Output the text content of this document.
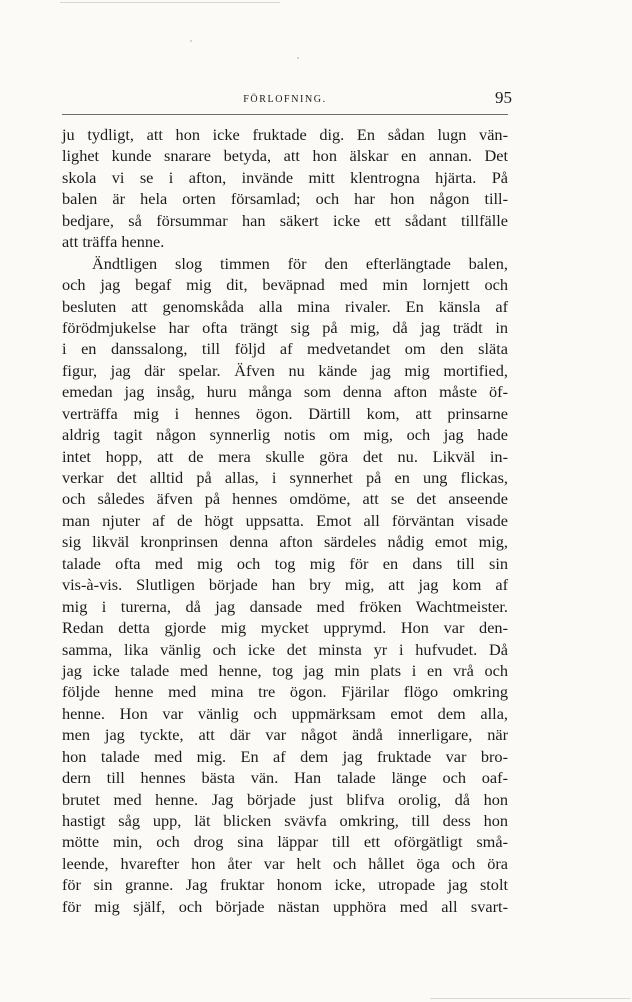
FÖRLOFNING.	95
ju tydligt, att hon icke fruktade dig. En sådan lugn vän-
lighet kunde snarare betyda, att hon älskar en annan. Det
skola vi se i afton, invände mitt klentrogna hjärta. På
balen är hela orten församlad; och har hon någon till-
bedjare, så försummar han säkert icke ett sådant tillfälle
att träffa henne.
Ändtligen slog timmen för den efterlängtade balen,
och jag begaf mig dit, beväpnad med min lornjett och
besluten att genomskåda alla mina rivaler. En känsla af
förödmjukelse har ofta trängt sig på mig, då jag trädt in
i en danssalong, till följd af medvetandet om den släta
figur, jag där spelar. Äfven nu kände jag mig mortified,
emedan jag insåg, huru många som denna afton måste öf-
verträffa mig i hennes ögon. Därtill kom, att prinsarne
aldrig tagit någon synnerlig notis om mig, och jag hade
intet hopp, att de mera skulle göra det nu. Likväl in-
verkar det alltid på allas, i synnerhet på en ung flickas,
och således äfven på hennes omdöme, att se det anseende
man njuter af de högt uppsatta. Emot all förväntan visade
sig likväl kronprinsen denna afton särdeles nådig emot mig,
talade ofta med mig och tog mig för en dans till sin
vis-à-vis. Slutligen började han bry mig, att jag kom af
mig i turerna, då jag dansade med fröken Wachtmeister.
Redan detta gjorde mig mycket upprymd. Hon var den-
samma, lika vänlig och icke det minsta yr i hufvudet. Då
jag icke talade med henne, tog jag min plats i en vrå och
följde henne med mina tre ögon. Fjärilar flögo omkring
henne. Hon var vänlig och uppmärksam emot dem alla,
men jag tyckte, att där var något ändå innerligare, när
hon talade med mig. En af dem jag fruktade var bro-
dern till hennes bästa vän. Han talade länge och oaf-
brutet med henne. Jag började just blifva orolig, då hon
hastigt såg upp, lät blicken svävfa omkring, till dess hon
mötte min, och drog sina läppar till ett oförgätligt små-
leende, hvarefter hon åter var helt och hållet öga och öra
för sin granne. Jag fruktar honom icke, utropade jag stolt
för mig själf, och började nästan upphöra med all svart-
